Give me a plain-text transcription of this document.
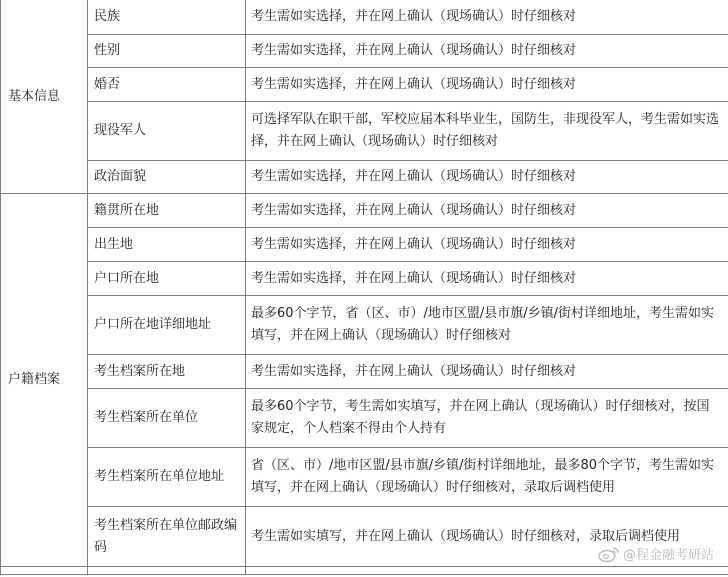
基本信息	民族	考生需如实选择，并在网上确认（现场确认）时仔细核对
	性别	考生需如实选择，并在网上确认（现场确认）时仔细核对
	婚否	考生需如实选择，并在网上确认（现场确认）时仔细核对
	现役军人	可选择军队在职干部，军校应届本科毕业生，国防生，非现役军人，考生需如实选择，并在网上确认（现场确认）时仔细核对
	政治面貌	考生需如实选择，并在网上确认（现场确认）时仔细核对
户籍档案	籍贯所在地	考生需如实选择，并在网上确认（现场确认）时仔细核对
	出生地	考生需如实选择，并在网上确认（现场确认）时仔细核对
	户口所在地	考生需如实选择，并在网上确认（现场确认）时仔细核对
	户口所在地详细地址	最多60个字节，省（区、市）/地市区盟/县市旗/乡镇/街村详细地址，考生需如实填写，并在网上确认（现场确认）时仔细核对
	考生档案所在地	考生需如实选择，并在网上确认（现场确认）时仔细核对
	考生档案所在单位	最多60个字节，考生需如实填写，并在网上确认（现场确认）时仔细核对，按国家规定，个人档案不得由个人持有
	考生档案所在单位地址	省（区、市）/地市区盟/县市旗/乡镇/街村详细地址，最多80个字节，考生需如实填写，并在网上确认（现场确认）时仔细核对，录取后调档使用
	考生档案所在单位邮政编码	考生需如实填写，并在网上确认（现场确认）时仔细核对，录取后调档使用

@程金融考研站
